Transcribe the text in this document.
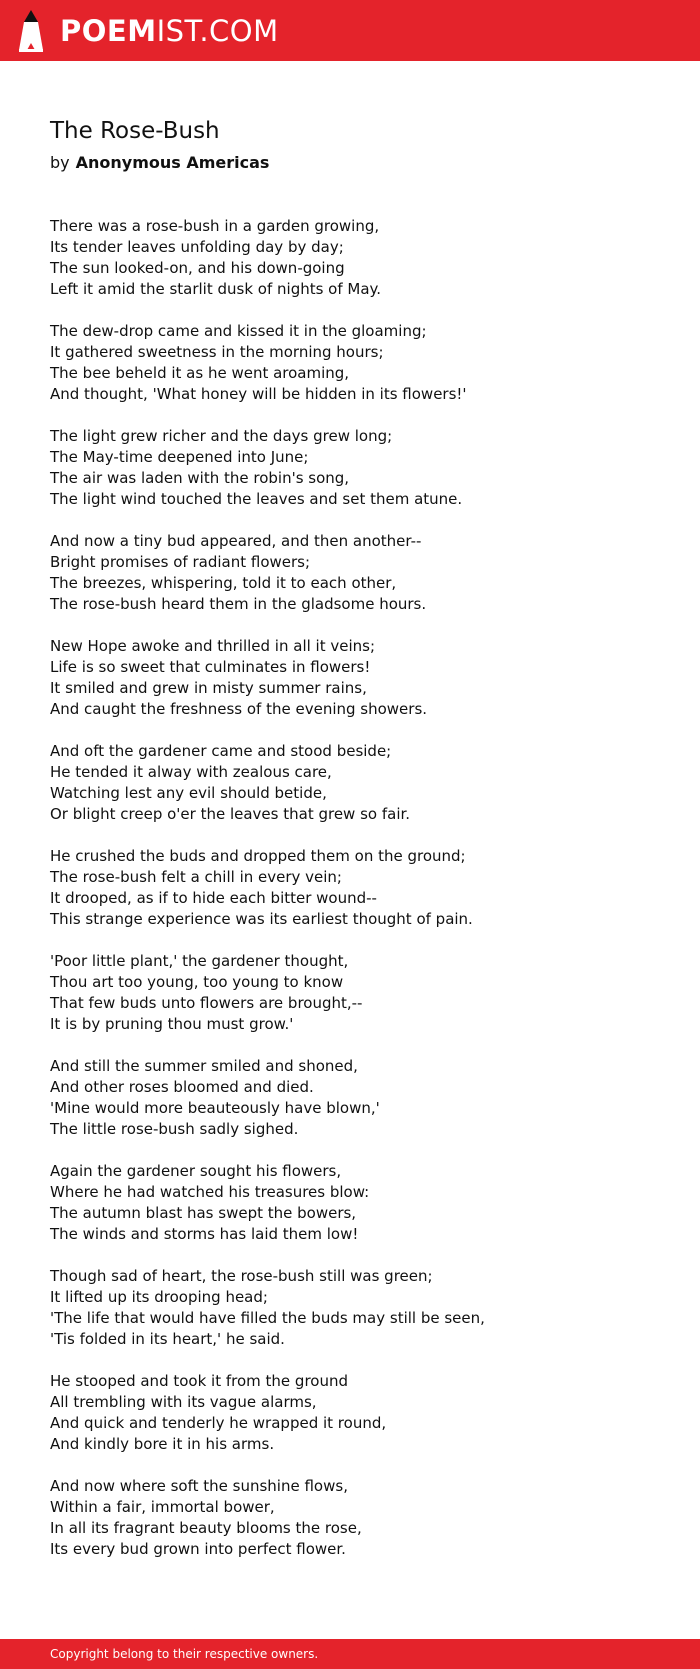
POEMIST.COM
The Rose-Bush
by Anonymous Americas
There was a rose-bush in a garden growing,
Its tender leaves unfolding day by day;
The sun looked-on, and his down-going
Left it amid the starlit dusk of nights of May.
The dew-drop came and kissed it in the gloaming;
It gathered sweetness in the morning hours;
The bee beheld it as he went aroaming,
And thought, 'What honey will be hidden in its flowers!'
The light grew richer and the days grew long;
The May-time deepened into June;
The air was laden with the robin's song,
The light wind touched the leaves and set them atune.
And now a tiny bud appeared, and then another--
Bright promises of radiant flowers;
The breezes, whispering, told it to each other,
The rose-bush heard them in the gladsome hours.
New Hope awoke and thrilled in all it veins;
Life is so sweet that culminates in flowers!
It smiled and grew in misty summer rains,
And caught the freshness of the evening showers.
And oft the gardener came and stood beside;
He tended it alway with zealous care,
Watching lest any evil should betide,
Or blight creep o'er the leaves that grew so fair.
He crushed the buds and dropped them on the ground;
The rose-bush felt a chill in every vein;
It drooped, as if to hide each bitter wound--
This strange experience was its earliest thought of pain.
'Poor little plant,' the gardener thought,
Thou art too young, too young to know
That few buds unto flowers are brought,--
It is by pruning thou must grow.'
And still the summer smiled and shoned,
And other roses bloomed and died.
'Mine would more beauteously have blown,'
The little rose-bush sadly sighed.
Again the gardener sought his flowers,
Where he had watched his treasures blow:
The autumn blast has swept the bowers,
The winds and storms has laid them low!
Though sad of heart, the rose-bush still was green;
It lifted up its drooping head;
'The life that would have filled the buds may still be seen,
'Tis folded in its heart,' he said.
He stooped and took it from the ground
All trembling with its vague alarms,
And quick and tenderly he wrapped it round,
And kindly bore it in his arms.
And now where soft the sunshine flows,
Within a fair, immortal bower,
In all its fragrant beauty blooms the rose,
Its every bud grown into perfect flower.
Copyright belong to their respective owners.
